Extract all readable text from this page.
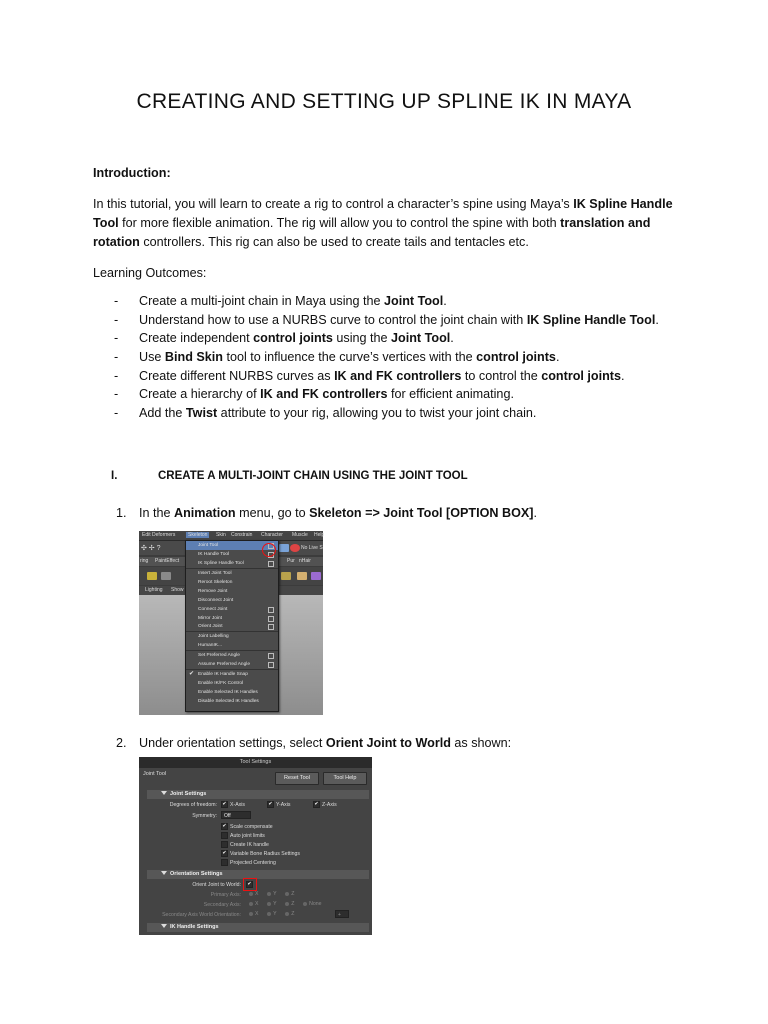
CREATING AND SETTING UP SPLINE IK IN MAYA
Introduction:
In this tutorial, you will learn to create a rig to control a character’s spine using Maya’s IK Spline Handle Tool for more flexible animation. The rig will allow you to control the spine with both translation and rotation controllers. This rig can also be used to create tails and tentacles etc.
Learning Outcomes:
- Create a multi-joint chain in Maya using the Joint Tool.
- Understand how to use a NURBS curve to control the joint chain with IK Spline Handle Tool.
- Create independent control joints using the Joint Tool.
- Use Bind Skin tool to influence the curve’s vertices with the control joints.
- Create different NURBS curves as IK and FK controllers to control the control joints.
- Create a hierarchy of IK and FK controllers for efficient animating.
- Add the Twist attribute to your rig, allowing you to twist your joint chain.
I.	CREATE A MULTI-JOINT CHAIN USING THE JOINT TOOL
1. In the Animation menu, go to Skeleton => Joint Tool [OPTION BOX].
Edit Deformers	Skeleton	Skin Constrain Character Muscle Help
✣ ✢ ?	No Live S
ring PaintEffect	Pur nHair
Lighting Show
Joint Tool
IK Handle Tool
IK Spline Handle Tool
Insert Joint Tool
Reroot Skeleton
Remove Joint
Disconnect Joint
Connect Joint
Mirror Joint
Orient Joint
Joint Labelling
HumanIK...
Set Preferred Angle
Assume Preferred Angle
✔ Enable IK Handle Snap
Enable IK/FK Control
Enable Selected IK Handles
Disable Selected IK Handles
2. Under orientation settings, select Orient Joint to World as shown:
Tool Settings
Joint Tool
Reset Tool	Tool Help
Joint Settings
Degrees of freedom: ✔ X-Axis	✔ Y-Axis	✔ Z-Axis
Symmetry:	Off
✔ Scale compensate
Auto joint limits
Create IK handle
✔ Variable Bone Radius Settings
Projected Centering
Orientation Settings
Orient Joint to World: ✔
Primary Axis:	X	Y	Z
Secondary Axis:	X	Y	Z	None
Secondary Axis World Orientation:	X	Y	Z	+
IK Handle Settings
